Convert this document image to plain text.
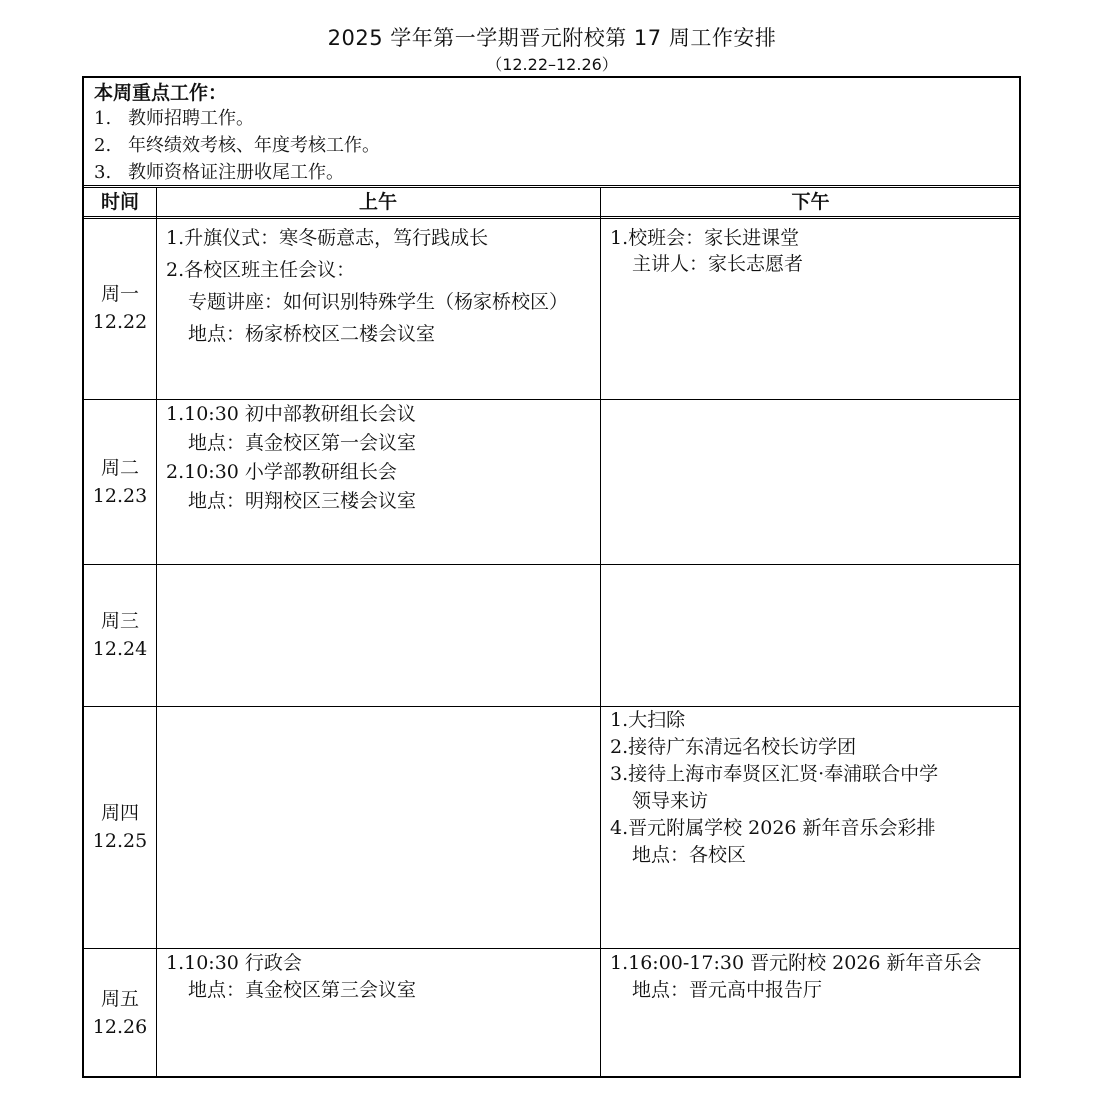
2025 学年第一学期晋元附校第 17 周工作安排
（12.22–12.26）
本周重点工作：
1. 教师招聘工作。
2. 年终绩效考核、年度考核工作。
3. 教师资格证注册收尾工作。
时间	上午	下午
周一
12.22
1.升旗仪式：寒冬砺意志，笃行践成长
2.各校区班主任会议：
专题讲座：如何识别特殊学生（杨家桥校区）
地点：杨家桥校区二楼会议室
1.校班会：家长进课堂
主讲人：家长志愿者
周二
12.23
1.10:30 初中部教研组长会议
地点：真金校区第一会议室
2.10:30 小学部教研组长会
地点：明翔校区三楼会议室
周三
12.24
周四
12.25
1.大扫除
2.接待广东清远名校长访学团
3.接待上海市奉贤区汇贤·奉浦联合中学
领导来访
4.晋元附属学校 2026 新年音乐会彩排
地点：各校区
周五
12.26
1.10:30 行政会
地点：真金校区第三会议室
1.16:00-17:30 晋元附校 2026 新年音乐会
地点：晋元高中报告厅
